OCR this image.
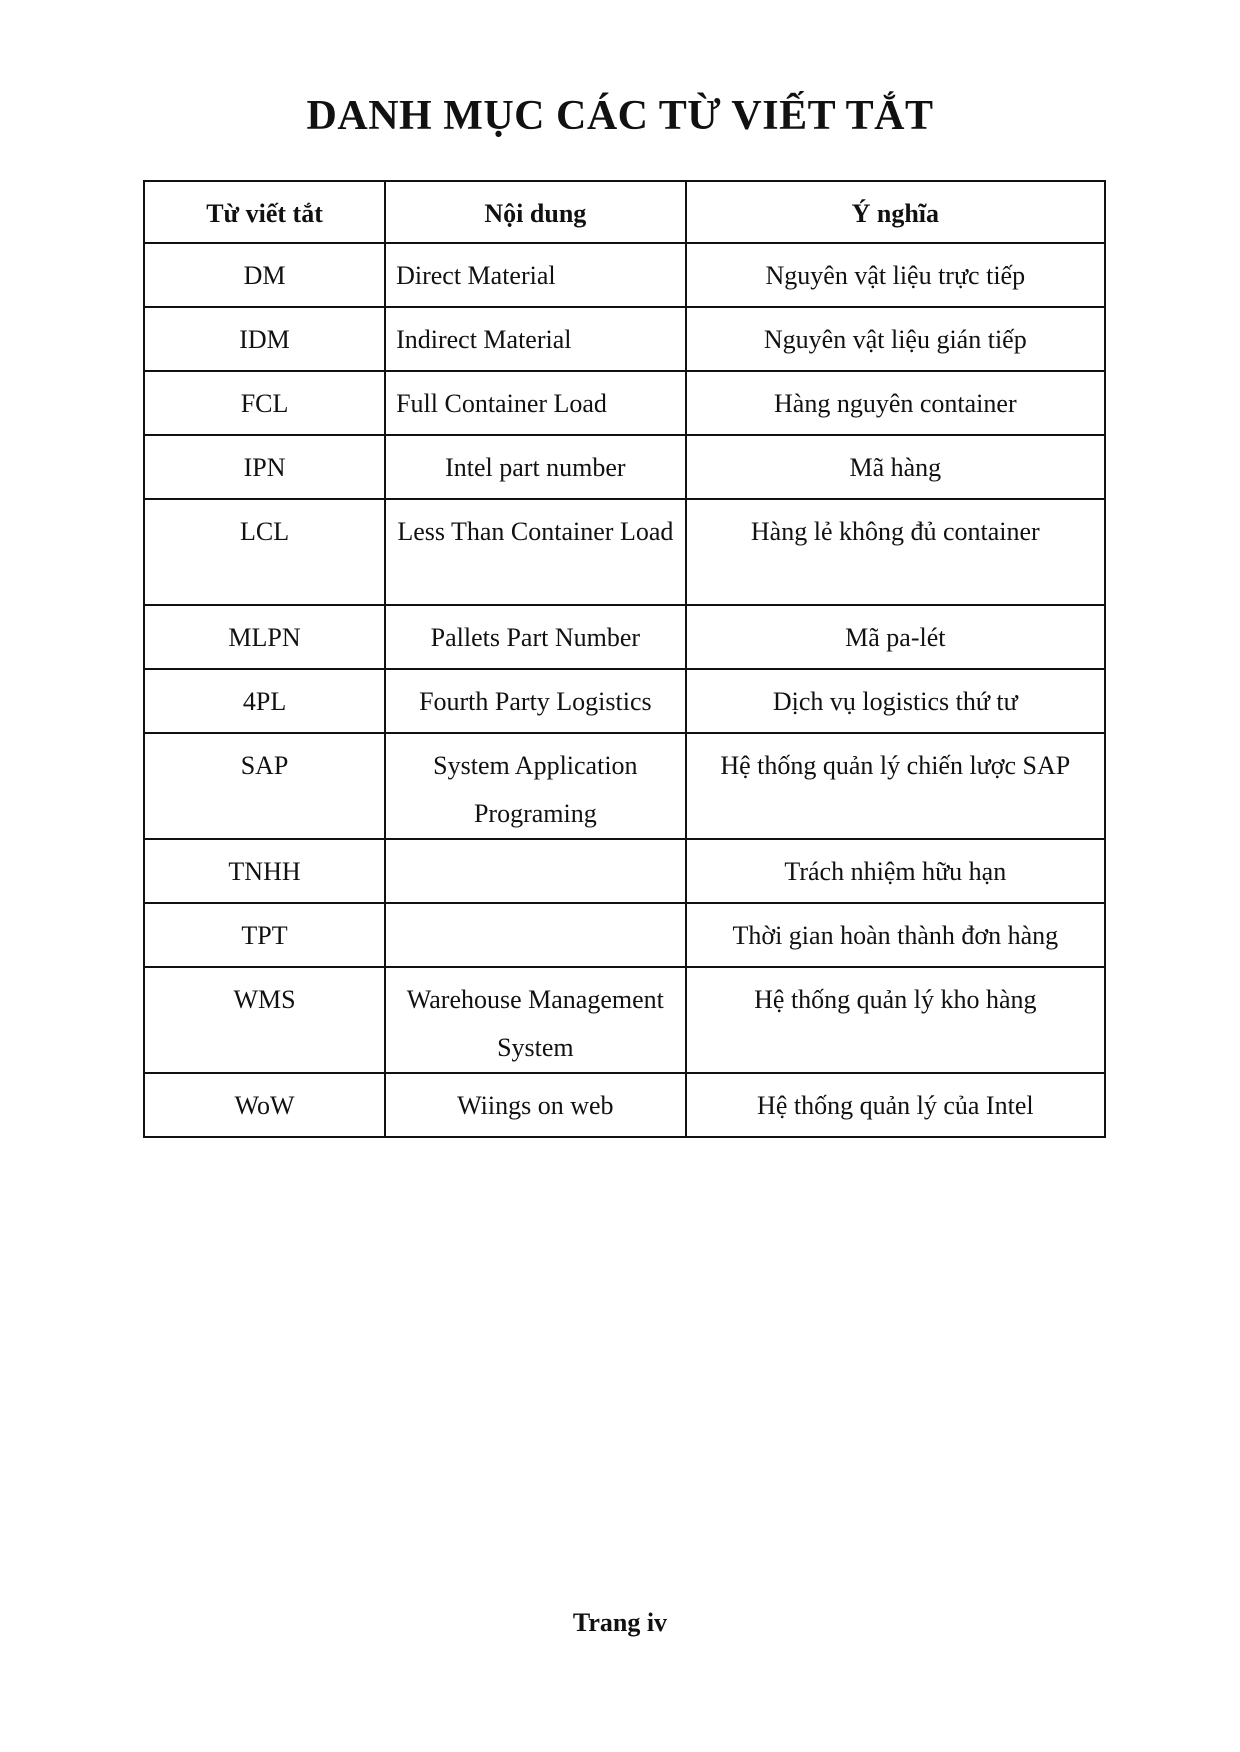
DANH MỤC CÁC TỪ VIẾT TẮT
Từ viết tắt	Nội dung	Ý nghĩa
DM	Direct Material	Nguyên vật liệu trực tiếp
IDM	Indirect Material	Nguyên vật liệu gián tiếp
FCL	Full Container Load	Hàng nguyên container
IPN	Intel part number	Mã hàng
LCL	Less Than Container Load	Hàng lẻ không đủ container
MLPN	Pallets Part Number	Mã pa-lét
4PL	Fourth Party Logistics	Dịch vụ logistics thứ tư
SAP	System Application Programing	Hệ thống quản lý chiến lược SAP
TNHH		Trách nhiệm hữu hạn
TPT		Thời gian hoàn thành đơn hàng
WMS	Warehouse Management System	Hệ thống quản lý kho hàng
WoW	Wiings on web	Hệ thống quản lý của Intel
Trang iv
